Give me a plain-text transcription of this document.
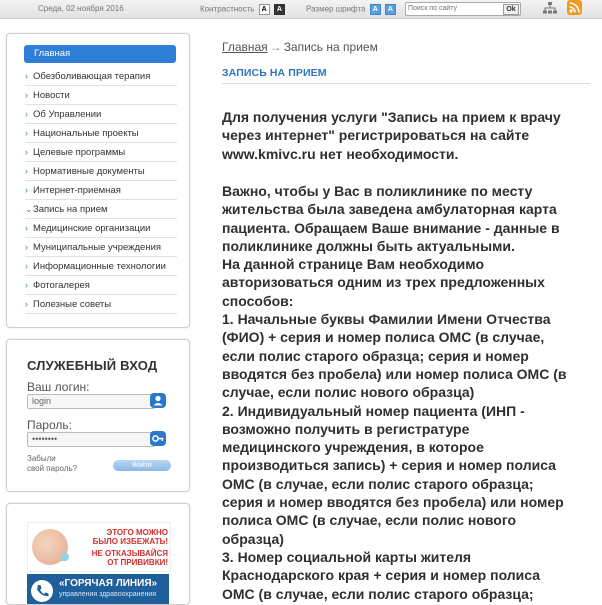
Среда, 02 ноября 2016	Контрастность A A	Размер шрифта A A
Поиск по сайту	Ok
Главная
› Обезболивающая терапия
› Новости
› Об Управлении
› Национальные проекты
› Целевые программы
› Нормативные документы
› Интернет-приемная
⌄Запись на прием
› Медицинские организации
› Муниципальные учреждения
› Информационные технологии
› Фотогалерея
› Полезные советы
СЛУЖЕБНЫЙ ВХОД
Ваш логин:
login
Пароль:
••••••••
Забыли
свой пароль?	Войти
ЭТОГО МОЖНО
БЫЛО ИЗБЕЖАТЬ!
НЕ ОТКАЗЫВАЙСЯ
ОТ ПРИВИВКИ!
«ГОРЯЧАЯ ЛИНИЯ»
управления здравоохранения
Главная → Запись на прием
ЗАПИСЬ НА ПРИЕМ

Для получения услуги "Запись на прием к врачу

через интернет" регистрироваться на сайте

www.kmivc.ru нет необходимости.

Важно, чтобы у Вас в поликлинике по месту

жительства была заведена амбулаторная карта

пациента. Обращаем Ваше внимание - данные в

поликлинике должны быть актуальными.

На данной странице Вам необходимо

авторизоваться одним из трех предложенных

способов:

1. Начальные буквы Фамилии Имени Отчества

(ФИО) + серия и номер полиса ОМС (в случае,

если полис старого образца; серия и номер

вводятся без пробела) или номер полиса ОМС (в

случае, если полис нового образца)

2. Индивидуальный номер пациента (ИНП -

возможно получить в регистратуре

медицинского учреждения, в которое

производиться запись) + серия и номер полиса

ОМС (в случае, если полис старого образца;

серия и номер вводятся без пробела) или номер

полиса ОМС (в случае, если полис нового

образца)

3. Номер социальной карты жителя

Краснодарского края + серия и номер полиса

ОМС (в случае, если полис старого образца;
